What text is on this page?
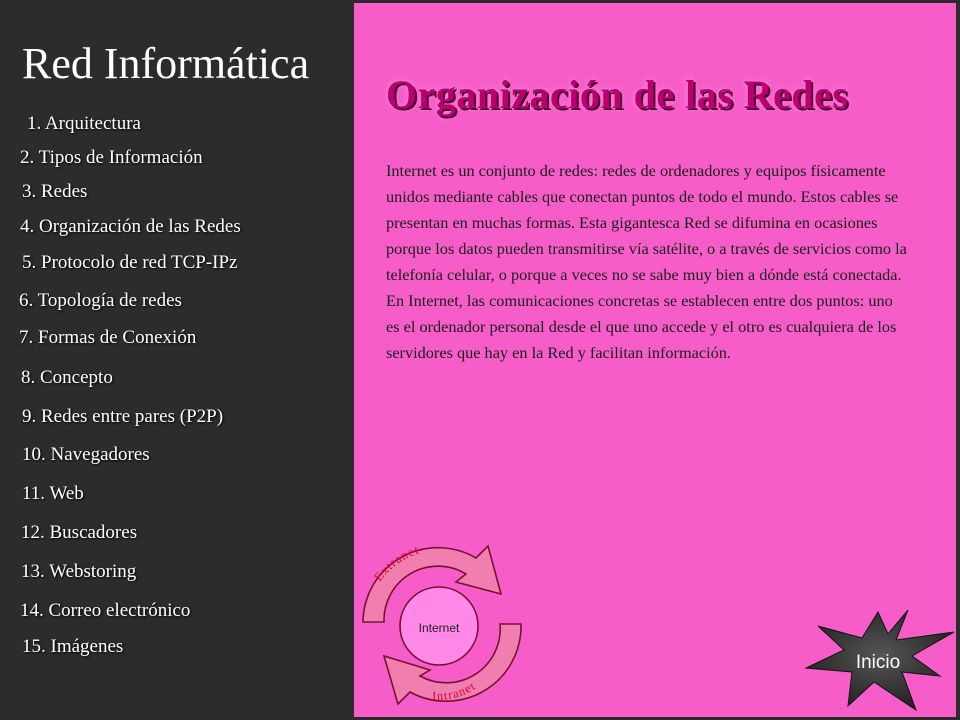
Red Informática
1. Arquitectura
2. Tipos de Información
3. Redes
4. Organización de las Redes
5. Protocolo de red TCP-IPz
6. Topología de redes
7. Formas de Conexión
8. Concepto
9. Redes entre pares (P2P)
10. Navegadores
11. Web
12. Buscadores
13. Webstoring
14. Correo electrónico
15. Imágenes
Organización de las Redes

Internet es un conjunto de redes: redes de ordenadores y equipos físicamente unidos mediante cables que conectan puntos de todo el mundo. Estos cables se presentan en muchas formas. Esta gigantesca Red se difumina en ocasiones porque los datos pueden transmitirse vía satélite, o a través de servicios como la telefonía celular, o porque a veces no se sabe muy bien a dónde está conectada.

En Internet, las comunicaciones concretas se establecen entre dos puntos: uno es el ordenador personal desde el que uno accede y el otro es cualquiera de los servidores que hay en la Red y facilitan información.

Internet
Extranet
Intranet
Inicio
